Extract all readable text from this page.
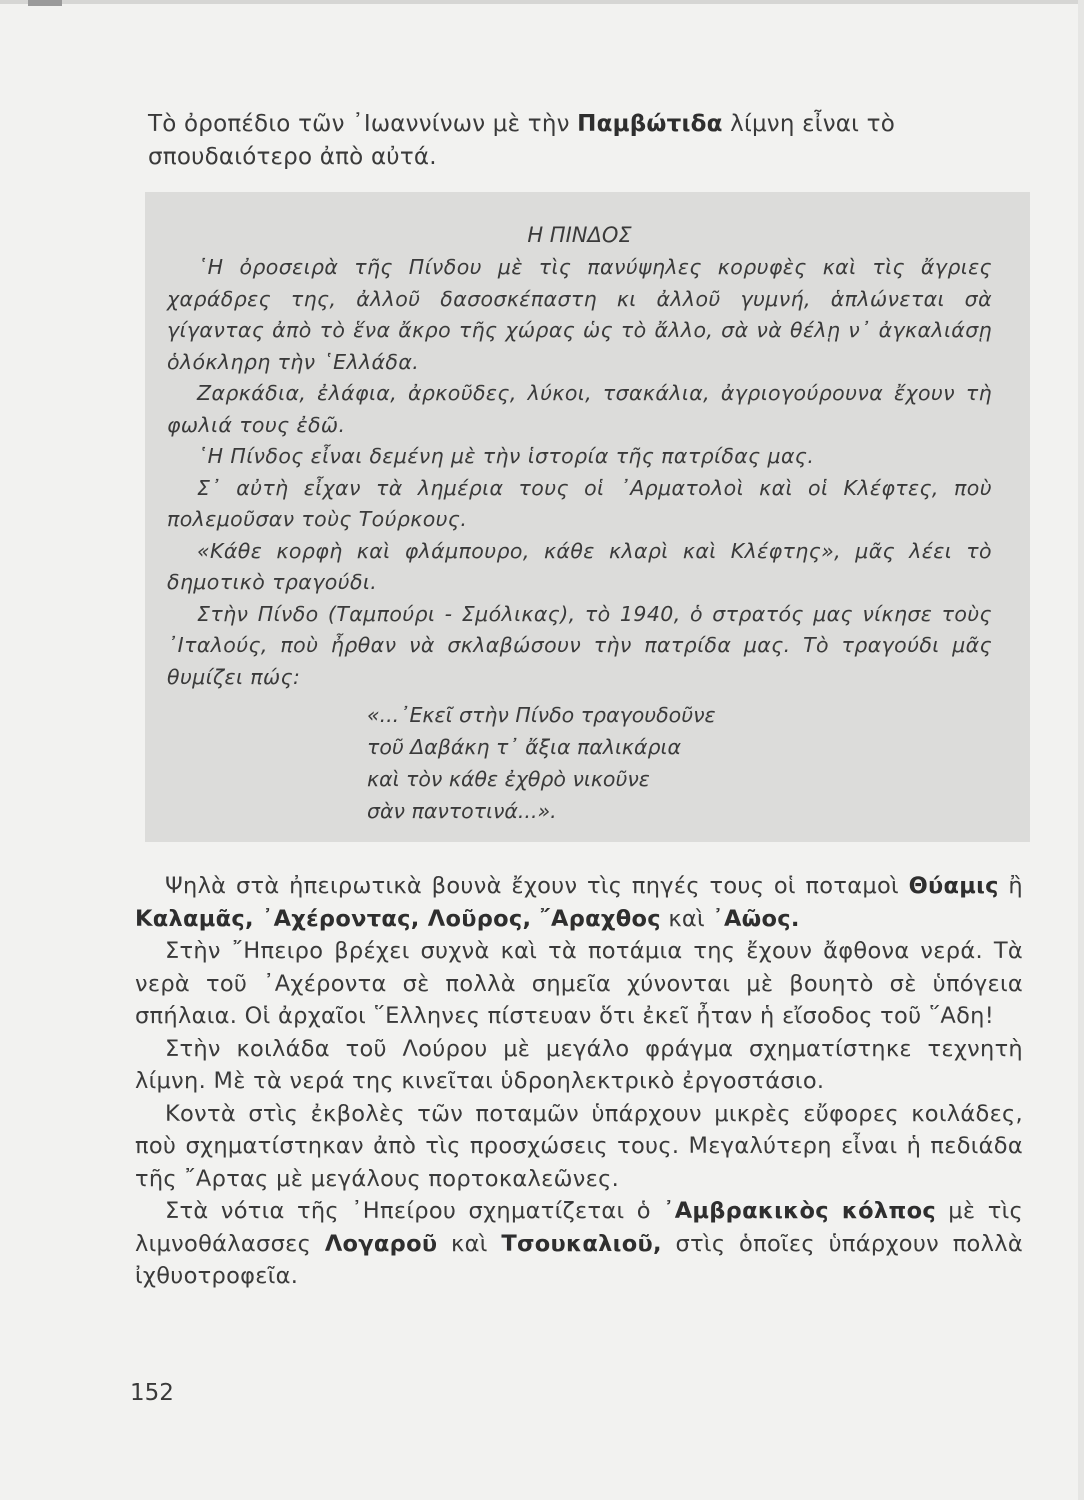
Τὸ ὀροπέδιο τῶν ᾿Ιωαννίνων μὲ τὴν Παμβώτιδα λίμνη εἶναι τὸ σπουδαιότερο ἀπὸ αὐτά.

Η ΠΙΝΔΟΣ

῾Η ὀροσειρὰ τῆς Πίνδου μὲ τὶς πανύψηλες κορυφὲς καὶ τὶς ἄγριες χαράδρες της, ἀλλοῦ δασοσκέπαστη κι ἀλλοῦ γυμνή, ἁπλώνεται σὰ γίγαντας ἀπὸ τὸ ἕνα ἄκρο τῆς χώρας ὡς τὸ ἄλλο, σὰ νὰ θέλῃ ν᾿ ἀγκαλιάσῃ ὁλόκληρη τὴν ῾Ελλάδα.

Ζαρκάδια, ἐλάφια, ἀρκοῦδες, λύκοι, τσακάλια, ἀγριογούρουνα ἔχουν τὴ φωλιά τους ἐδῶ.

῾Η Πίνδος εἶναι δεμένη μὲ τὴν ἱστορία τῆς πατρίδας μας.

Σ᾿ αὐτὴ εἶχαν τὰ λημέρια τους οἱ ᾿Αρματολοὶ καὶ οἱ Κλέφτες, ποὺ πολεμοῦσαν τοὺς Τούρκους.

«Κάθε κορφὴ καὶ φλάμπουρο, κάθε κλαρὶ καὶ Κλέφτης», μᾶς λέει τὸ δημοτικὸ τραγούδι.

Στὴν Πίνδο (Ταμπούρι - Σμόλικας), τὸ 1940, ὁ στρατός μας νίκησε τοὺς ᾿Ιταλούς, ποὺ ἦρθαν νὰ σκλαβώσουν τὴν πατρίδα μας. Τὸ τραγούδι μᾶς θυμίζει πώς:

«...᾿Εκεῖ στὴν Πίνδο τραγουδοῦνε
τοῦ Δαβάκη τ᾿ ἄξια παλικάρια
καὶ τὸν κάθε ἐχθρὸ νικοῦνε
σὰν παντοτινά...».

Ψηλὰ στὰ ἠπειρωτικὰ βουνὰ ἔχουν τὶς πηγές τους οἱ ποταμοὶ Θύαμις ἢ Καλαμᾶς, ᾿Αχέροντας, Λοῦρος, ῎Αραχθος καὶ ᾿Αῶος.

Στὴν ῎Ηπειρο βρέχει συχνὰ καὶ τὰ ποτάμια της ἔχουν ἄφθονα νερά. Τὰ νερὰ τοῦ ᾿Αχέροντα σὲ πολλὰ σημεῖα χύνονται μὲ βουητὸ σὲ ὑπόγεια σπήλαια. Οἱ ἀρχαῖοι ῞Ελληνες πίστευαν ὅτι ἐκεῖ ἦταν ἡ εἴσοδος τοῦ ῞Αδη!

Στὴν κοιλάδα τοῦ Λούρου μὲ μεγάλο φράγμα σχηματίστηκε τεχνητὴ λίμνη. Μὲ τὰ νερά της κινεῖται ὑδροηλεκτρικὸ ἐργοστάσιο.

Κοντὰ στὶς ἐκβολὲς τῶν ποταμῶν ὑπάρχουν μικρὲς εὔφορες κοιλάδες, ποὺ σχηματίστηκαν ἀπὸ τὶς προσχώσεις τους. Μεγαλύτερη εἶναι ἡ πεδιάδα τῆς ῎Αρτας μὲ μεγάλους πορτοκαλεῶνες.

Στὰ νότια τῆς ᾿Ηπείρου σχηματίζεται ὁ ᾿Αμβρακικὸς κόλπος μὲ τὶς λιμνοθάλασσες Λογαροῦ καὶ Τσουκαλιοῦ, στὶς ὁποῖες ὑπάρχουν πολλὰ ἰχθυοτροφεῖα.

152
